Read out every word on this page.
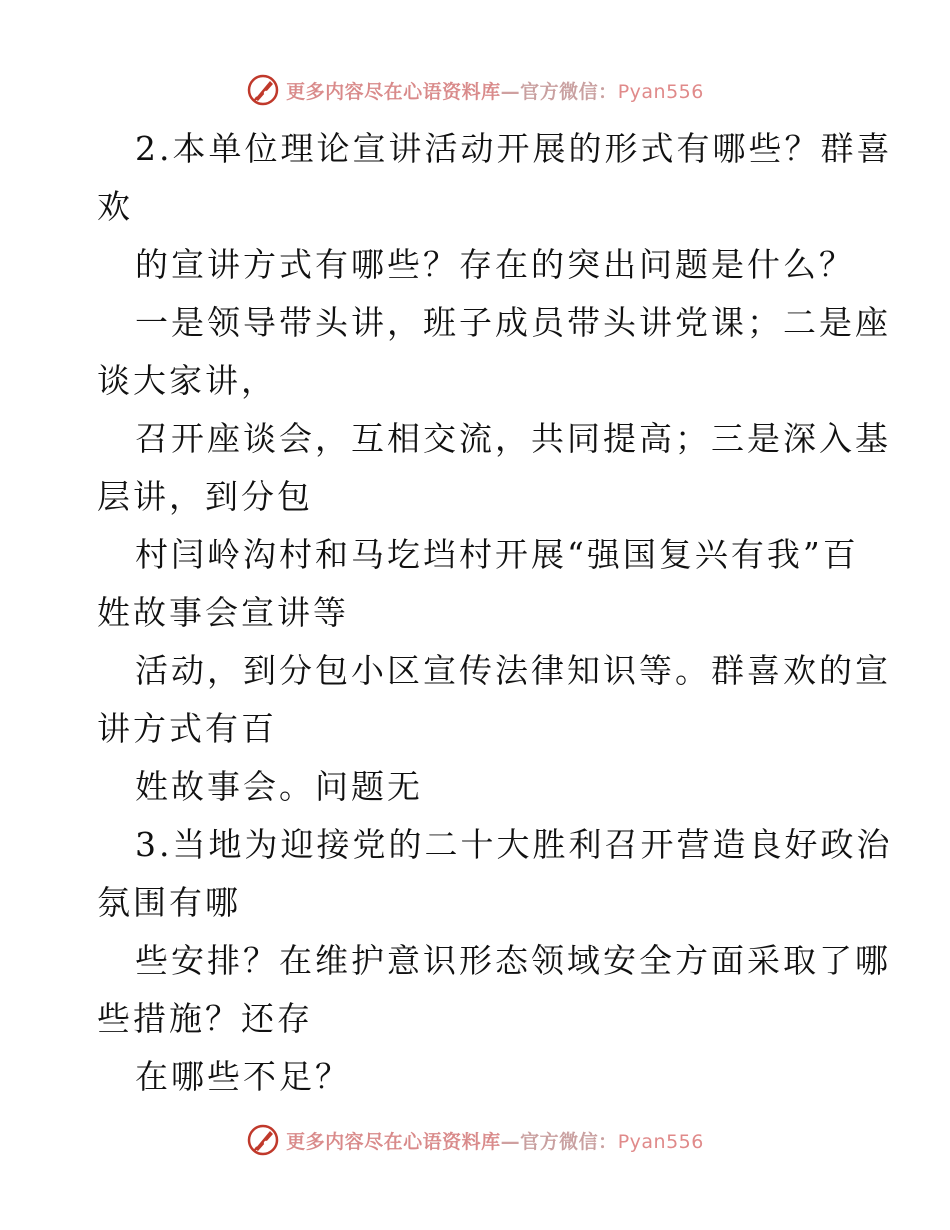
更多内容尽在心语资料库—官方微信：Pyan556
2.本单位理论宣讲活动开展的形式有哪些？群喜
欢
的宣讲方式有哪些？存在的突出问题是什么？
一是领导带头讲，班子成员带头讲党课；二是座
谈大家讲，
召开座谈会，互相交流，共同提高；三是深入基
层讲，到分包
村闫岭沟村和马圪垱村开展“强国复兴有我”百
姓故事会宣讲等
活动，到分包小区宣传法律知识等。群喜欢的宣
讲方式有百
姓故事会。问题无
3.当地为迎接党的二十大胜利召开营造良好政治
氛围有哪
些安排？在维护意识形态领域安全方面采取了哪
些措施？还存
在哪些不足？
更多内容尽在心语资料库—官方微信：Pyan556
